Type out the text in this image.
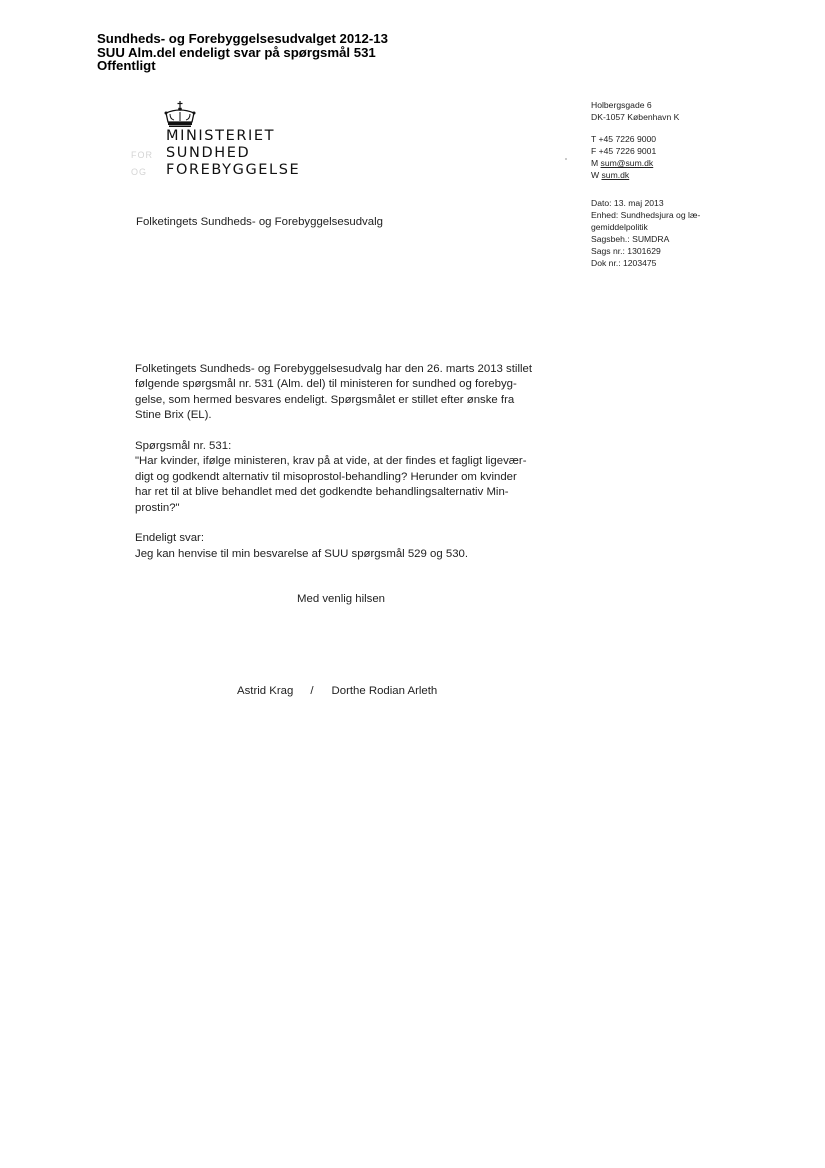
Sundheds- og Forebyggelsesudvalget 2012-13
SUU Alm.del endeligt svar på spørgsmål 531
Offentligt
FOR
OG
MINISTERIET
SUNDHED
FOREBYGGELSE
Holbergsgade 6
DK-1057 København K
T +45 7226 9000
F +45 7226 9001
M sum@sum.dk
W sum.dk
Dato: 13. maj 2013
Enhed: Sundhedsjura og læ-
gemiddelpolitik
Sagsbeh.: SUMDRA
Sags nr.: 1301629
Dok nr.: 1203475
Folketingets Sundheds- og Forebyggelsesudvalg

Folketingets Sundheds- og Forebyggelsesudvalg har den 26. marts 2013 stillet

følgende spørgsmål nr. 531 (Alm. del) til ministeren for sundhed og forebyg-

gelse, som hermed besvares endeligt. Spørgsmålet er stillet efter ønske fra

Stine Brix (EL).

Spørgsmål nr. 531:

"Har kvinder, ifølge ministeren, krav på at vide, at der findes et fagligt ligevær-

digt og godkendt alternativ til misoprostol-behandling? Herunder om kvinder

har ret til at blive behandlet med det godkendte behandlingsalternativ Min-

prostin?"

Endeligt svar:

Jeg kan henvise til min besvarelse af SUU spørgsmål 529 og 530.

Med venlig hilsen
Astrid Krag / Dorthe Rodian Arleth
